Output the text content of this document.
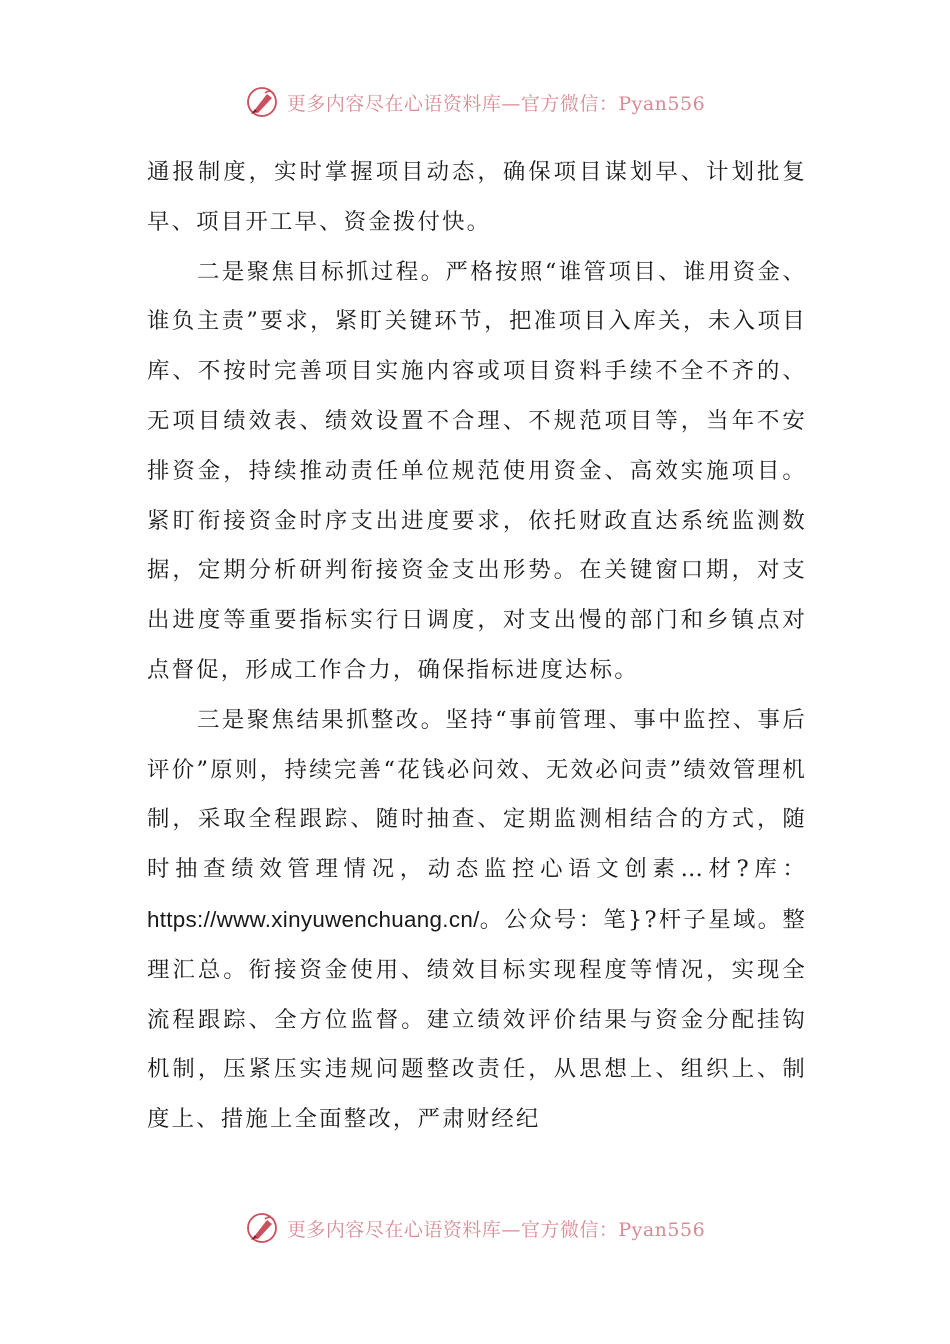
更多内容尽在心语资料库—官方微信：Pyan556

通报制度，实时掌握项目动态，确保项目谋划早、计划批复早、项目开工早、资金拨付快。

二是聚焦目标抓过程。严格按照“谁管项目、谁用资金、谁负主责”要求，紧盯关键环节，把准项目入库关，未入项目库、不按时完善项目实施内容或项目资料手续不全不齐的、无项目绩效表、绩效设置不合理、不规范项目等，当年不安排资金，持续推动责任单位规范使用资金、高效实施项目。紧盯衔接资金时序支出进度要求，依托财政直达系统监测数据，定期分析研判衔接资金支出形势。在关键窗口期，对支出进度等重要指标实行日调度，对支出慢的部门和乡镇点对点督促，形成工作合力，确保指标进度达标。

三是聚焦结果抓整改。坚持“事前管理、事中监控、事后评价”原则，持续完善“花钱必问效、无效必问责”绩效管理机制，采取全程跟踪、随时抽查、定期监测相结合的方式，随时抽查绩效管理情况，动态监控心语文创素…材?库：https://www.xinyuwenchuang.cn/。公众号：笔}?杆子星域。整理汇总。衔接资金使用、绩效目标实现程度等情况，实现全流程跟踪、全方位监督。建立绩效评价结果与资金分配挂钩机制，压紧压实违规问题整改责任，从思想上、组织上、制度上、措施上全面整改，严肃财经纪

更多内容尽在心语资料库—官方微信：Pyan556
